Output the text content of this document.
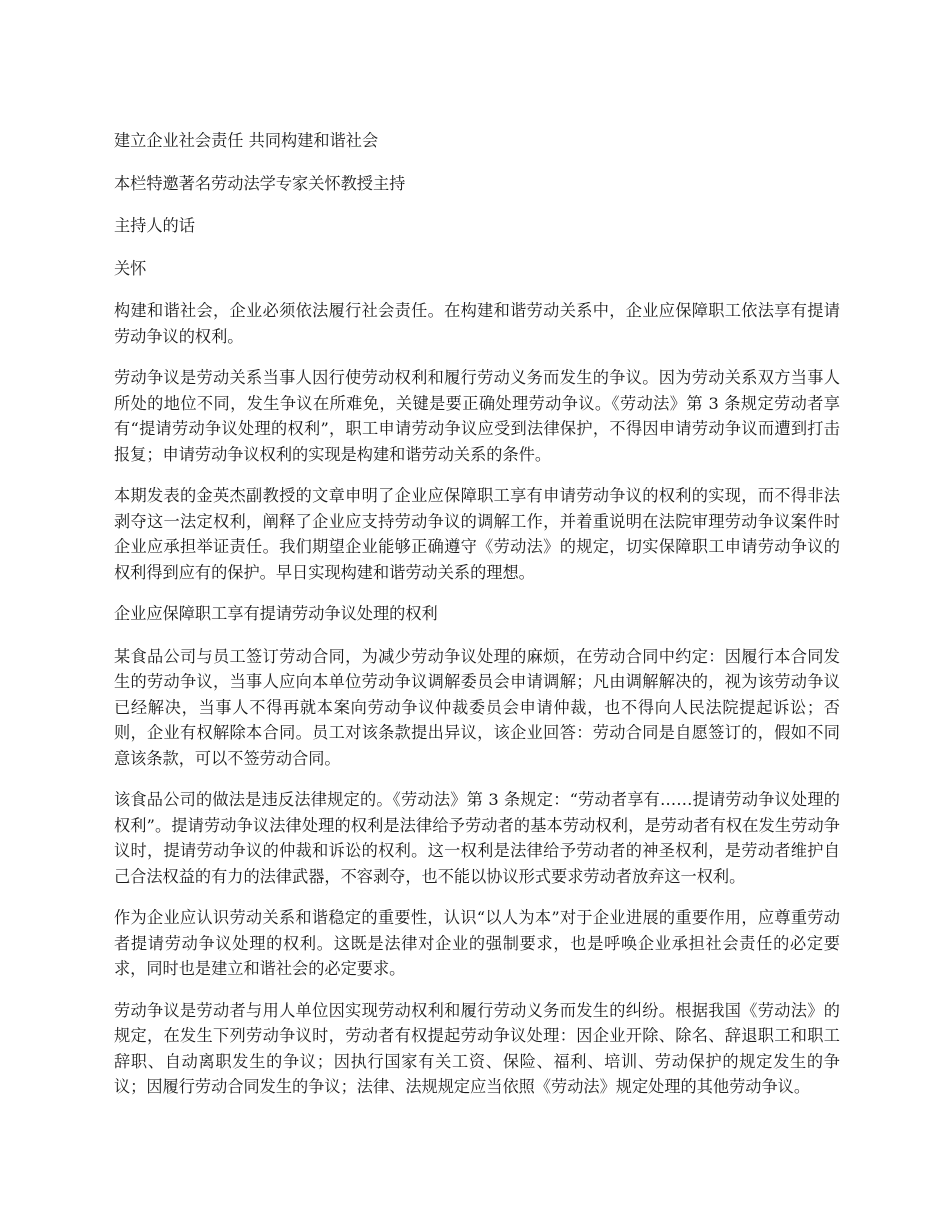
建立企业社会责任 共同构建和谐社会

本栏特邀著名劳动法学专家关怀教授主持

主持人的话

关怀

构建和谐社会，企业必须依法履行社会责任。在构建和谐劳动关系中，企业应保障职工依法享有提请劳动争议的权利。

劳动争议是劳动关系当事人因行使劳动权利和履行劳动义务而发生的争议。因为劳动关系双方当事人所处的地位不同，发生争议在所难免，关键是要正确处理劳动争议。《劳动法》第 3 条规定劳动者享有“提请劳动争议处理的权利”，职工申请劳动争议应受到法律保护，不得因申请劳动争议而遭到打击报复；申请劳动争议权利的实现是构建和谐劳动关系的条件。

本期发表的金英杰副教授的文章申明了企业应保障职工享有申请劳动争议的权利的实现，而不得非法剥夺这一法定权利，阐释了企业应支持劳动争议的调解工作，并着重说明在法院审理劳动争议案件时企业应承担举证责任。我们期望企业能够正确遵守《劳动法》的规定，切实保障职工申请劳动争议的权利得到应有的保护。早日实现构建和谐劳动关系的理想。

企业应保障职工享有提请劳动争议处理的权利

某食品公司与员工签订劳动合同，为减少劳动争议处理的麻烦，在劳动合同中约定：因履行本合同发生的劳动争议，当事人应向本单位劳动争议调解委员会申请调解；凡由调解解决的，视为该劳动争议已经解决，当事人不得再就本案向劳动争议仲裁委员会申请仲裁，也不得向人民法院提起诉讼；否则，企业有权解除本合同。员工对该条款提出异议，该企业回答：劳动合同是自愿签订的，假如不同意该条款，可以不签劳动合同。

该食品公司的做法是违反法律规定的。《劳动法》第 3 条规定：“劳动者享有……提请劳动争议处理的权利”。提请劳动争议法律处理的权利是法律给予劳动者的基本劳动权利，是劳动者有权在发生劳动争议时，提请劳动争议的仲裁和诉讼的权利。这一权利是法律给予劳动者的神圣权利，是劳动者维护自己合法权益的有力的法律武器，不容剥夺，也不能以协议形式要求劳动者放弃这一权利。

作为企业应认识劳动关系和谐稳定的重要性，认识“以人为本”对于企业进展的重要作用，应尊重劳动者提请劳动争议处理的权利。这既是法律对企业的强制要求，也是呼唤企业承担社会责任的必定要求，同时也是建立和谐社会的必定要求。

劳动争议是劳动者与用人单位因实现劳动权利和履行劳动义务而发生的纠纷。根据我国《劳动法》的规定，在发生下列劳动争议时，劳动者有权提起劳动争议处理：因企业开除、除名、辞退职工和职工辞职、自动离职发生的争议；因执行国家有关工资、保险、福利、培训、劳动保护的规定发生的争议；因履行劳动合同发生的争议；法律、法规规定应当依照《劳动法》规定处理的其他劳动争议。
